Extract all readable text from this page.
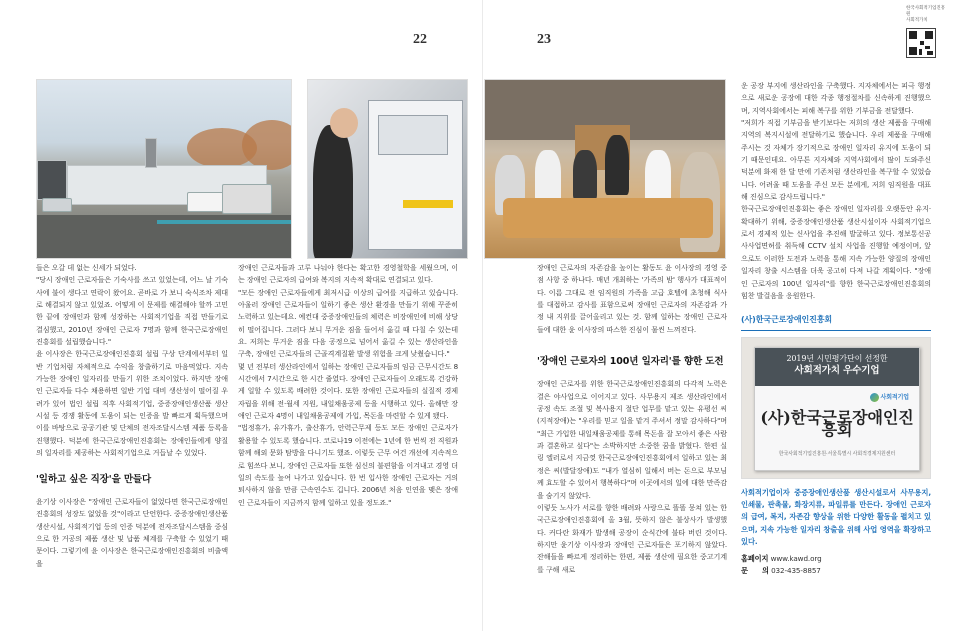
22	23
한국사회적기업진흥원
사회적가치

들은 오갈 데 없는 신세가 되었다.

"당시 장애인 근로자들은 기숙사를 쓰고 있었는데, 어느 날 기숙사에 불이 생다고 연락이 왔어요. 곧바로 가 보니 숙식조차 제대로 해결되지 않고 있었죠. 어떻게 이 문제를 해결해야 할까 고민한 끝에 장애인과 함께 성장하는 사회적기업을 직접 만들기로 결심했고, 2010년 장애인 근로자 7명과 함께 한국근로장애인진흥회를 설립했습니다."

윤 이사장은 한국근로장애인진흥회 설립 구상 단계에서부터 일반 기업처럼 자체적으로 수익을 창출하기로 마음먹었다. 지속 가능한 장애인 일자리를 만들기 위한 조치이었다. 하지만 장애인 근로자들 다수 채용하면 일반 기업 대비 생산성이 떨어질 우려가 있어 법인 설립 직후 사회적기업, 중증장애인생산품 생산시설 등 경쟁 활동에 도움이 되는 인증을 발 빠르게 획득했으며 이를 바탕으로 공공기관 및 단체의 전자조달시스템 제품 등록을 진행했다. 덕분에 한국근로장애인진흥회는 장애인들에게 양질의 일자리를 제공하는 사회적기업으로 거듭날 수 있었다.

'일하고 싶은 직장'을 만들다

윤기상 이사장은 "장애인 근로자들이 없었다면 한국근로장애인진흥회의 성장도 없었을 것"이라고 단언한다. 중증장애인생산품 생산시설, 사회적기업 등의 인증 덕분에 전자조달시스템을 중심으로 한 거공의 제품 생산 및 납품 체계를 구축할 수 있었기 때문이다. 그렇기에 윤 이사장은 한국근로장애인진흥회의 비출액을

장애인 근로자들과 고루 나눠야 한다는 확고한 경영철학을 세웠으며, 이는 장애인 근로자의 급여와 복지의 지속적 확대로 연결되고 있다.

"모든 장애인 근로자들에게 최저시급 이상의 급여를 지급하고 있습니다. 아울러 장애인 근로자들이 일하기 좋은 생산 환경을 만들기 위해 꾸준히 노력하고 있는데요. 예컨대 중증장애인들의 체력은 비장애인에 비해 상당히 떨어집니다. 그러다 보니 무거운 짐을 들어서 옮길 때 다칠 수 있는데요. 저희는 무거운 짐을 다음 공정으로 넘어서 옮길 수 있는 생산라인을 구축, 장애인 근로자들의 근골격계질환 발생 위험을 크게 낮췄습니다."

몇 년 전부터 생산라인에서 일하는 장애인 근로자들의 임금 근무시간도 8시간에서 7시간으로 한 시간 줄였다. 장애인 근로자들이 오래도록 건강하게 일할 수 있도록 배려한 것이다. 또한 장애인 근로자들의 실질적 경제 자립을 위해 전·월세 지원, 내일채움공제 등을 시행하고 있다. 올해만 장애인 근로자 4명이 내일채움공제에 가입, 목돈을 마련할 수 있게 됐다.

"법정휴가, 유가휴가, 출산휴가, 안력근무제 등도 모든 장애인 근로자가 활용할 수 있도록 했습니다. 코로나19 이전에는 1년에 한 번씩 전 직원과 함께 해외 문화 탐방을 다니기도 했죠. 이렇듯 근무 여건 개선에 지속적으로 힘쓰다 보니, 장애인 근로자들 또한 심신의 불편함을 이겨내고 경영 더 일의 속도를 높여 나가고 있습니다. 한 번 입사한 장애인 근로자는 거의 퇴사하지 않을 만큼 근속연수도 깁니다. 2006년 처음 인연을 맺은 장애인 근로자들이 지금까지 함께 일하고 있을 정도죠."

장애인 근로자의 자존감을 높이는 활동도 윤 이사장의 경영 중점 사항 중 하나다. 매년 개최하는 '가족의 밤' 행사가 대표적이다. 이름 그대로 전 임직원의 가족을 고급 호텔에 초청해 식사를 대접하고 감사를 표함으로써 장애인 근로자의 자존감과 가정 내 지위를 끌어올리고 있는 것. 함께 일하는 장애인 근로자들에 대한 윤 이사장의 따스한 진심이 물씬 느껴진다.

'장애인 근로자의 100년 일자리'를 향한 도전

장애인 근로자를 위한 한국근로장애인진흥회의 다각적 노력은 결은 야사업으로 이어지고 있다. 사무용지 제조 생산라인에서 공정 속도 조절 및 복사용지 절단 업무를 맡고 있는 유평선 씨(지적장애)는 "우리를 믿고 일을 맡겨 주셔서 정말 감사하다"며 "최근 가입한 내일채움공제를 통해 목돈을 잘 모아서 좋은 사람과 결혼하고 싶다"는 소박하지만 소중한 꿈을 밝혔다. 한편 실링 엘러로서 지금껏 한국근로장애인진흥회에서 일하고 있는 최정은 씨(발달장애)도 "내가 열심히 일해서 버는 돈으로 부모님께 효도할 수 있어서 행복하다"며 이곳에서의 일에 대한 만족감을 숨기지 않았다.

이렇듯 노사가 서로를 향한 배려와 사랑으로 똘똘 뭉쳐 있는 한국근로장애인진흥회에 올 3월, 뜻하지 않은 불상사가 발생했다. 커다란 화재가 발생해 공장이 순식간에 불타 버린 것이다. 하지만 윤기상 이사장과 장애인 근로자들은 포기하지 않았다. 잔해들을 빠르게 정리하는 한편, 제품 생산에 필요한 중고기계를 구해 새로

운 공장 부지에 생산라인을 구축했다. 지자체에서는 피극 행정으로 새로운 공장에 대한 각종 행정절차를 신속하게 진행했으며, 지역사회에서는 피해 복구를 위한 기부금을 전달했다.

"저희가 직접 기부금을 받기보다는 저희의 생산 제품을 구매해 지역의 복지시설에 전달하기로 했습니다. 우리 제품을 구매해 주시는 것 자체가 장기적으로 장애인 일자리 유지에 도움이 되기 때문인데요. 아무튼 지자체와 지역사회에서 많이 도와주신 덕분에 화재 한 달 만에 기존처럼 생산라인을 복구할 수 있었습니다. 어려울 때 도움을 주신 모든 분에게, 저희 임직원을 대표해 진심으로 감사드립니다."

한국근로장애인진흥회는 좋은 장애인 일자리를 오랫동안 유지·확대하기 위해, 중증장애인생산품 생산시설이자 사회적기업으로서 경제적 있는 신사업을 추진해 발굴하고 있다. 정보통신공사사업면허를 취득해 CCTV 설치 사업을 진행할 예정이며, 앞으로도 이러한 도전과 노력을 통해 지속 가능한 양질의 장애인 일자리 창출 시스템을 더욱 공고히 다져 나갈 계획이다. "장애인 근로자의 100년 일자리"를 향한 한국근로장애인진흥회의 힘찬 발걸음을 응원한다.

(사)한국근로장애인진흥회
2019년 시민평가단이 선정한
사회적가치 우수기업
사회적기업
(사)한국근로장애인진흥회
한국사회적기업진흥원·서울특별시 사회적경제지원센터
사회적기업이자 중증장애인생산품 생산시설로서 사무용지, 인쇄물, 판촉물, 화장지류, 파일류를 만든다. 장애인 근로자의 급여, 복지, 자존감 향상을 위한 다양한 활동을 펼치고 있으며, 지속 가능한 일자리 창출을 위해 사업 영역을 확장하고 있다.
홈페이지 www.kawd.org
문　　의 032-435-8857
